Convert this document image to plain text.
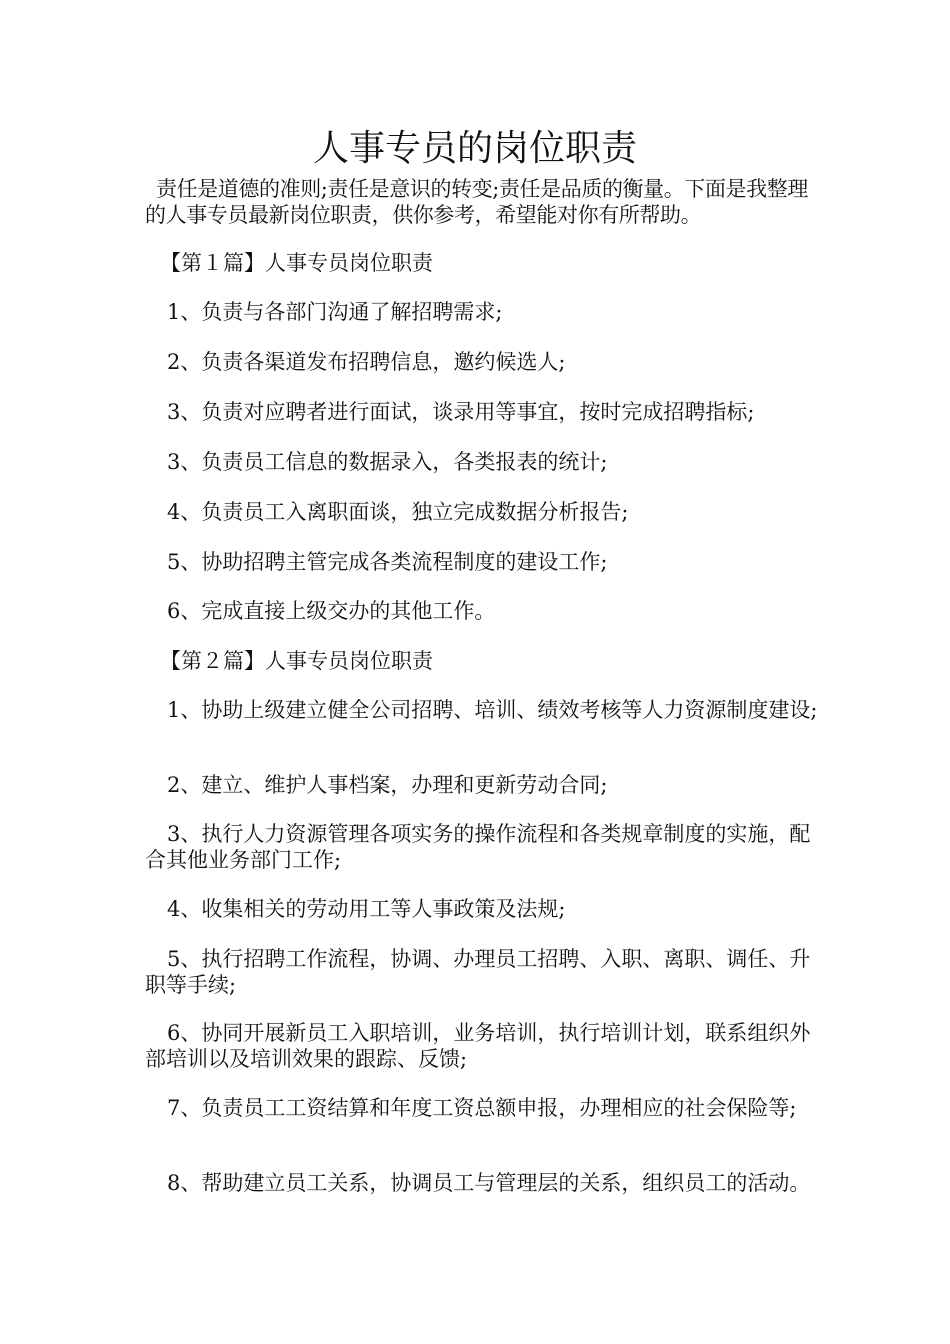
人事专员的岗位职责

责任是道德的准则;责任是意识的转变;责任是品质的衡量。下面是我整理的人事专员最新岗位职责，供你参考，希望能对你有所帮助。

【第１篇】人事专员岗位职责

1、负责与各部门沟通了解招聘需求;

2、负责各渠道发布招聘信息，邀约候选人;

3、负责对应聘者进行面试，谈录用等事宜，按时完成招聘指标;

3、负责员工信息的数据录入，各类报表的统计;

4、负责员工入离职面谈，独立完成数据分析报告;

5、协助招聘主管完成各类流程制度的建设工作;

6、完成直接上级交办的其他工作。

【第２篇】人事专员岗位职责

1、协助上级建立健全公司招聘、培训、绩效考核等人力资源制度建设;

2、建立、维护人事档案，办理和更新劳动合同;

3、执行人力资源管理各项实务的操作流程和各类规章制度的实施，配合其他业务部门工作;

4、收集相关的劳动用工等人事政策及法规;

5、执行招聘工作流程，协调、办理员工招聘、入职、离职、调任、升职等手续;

6、协同开展新员工入职培训，业务培训，执行培训计划，联系组织外部培训以及培训效果的跟踪、反馈;

7、负责员工工资结算和年度工资总额申报，办理相应的社会保险等;

8、帮助建立员工关系，协调员工与管理层的关系，组织员工的活动。
